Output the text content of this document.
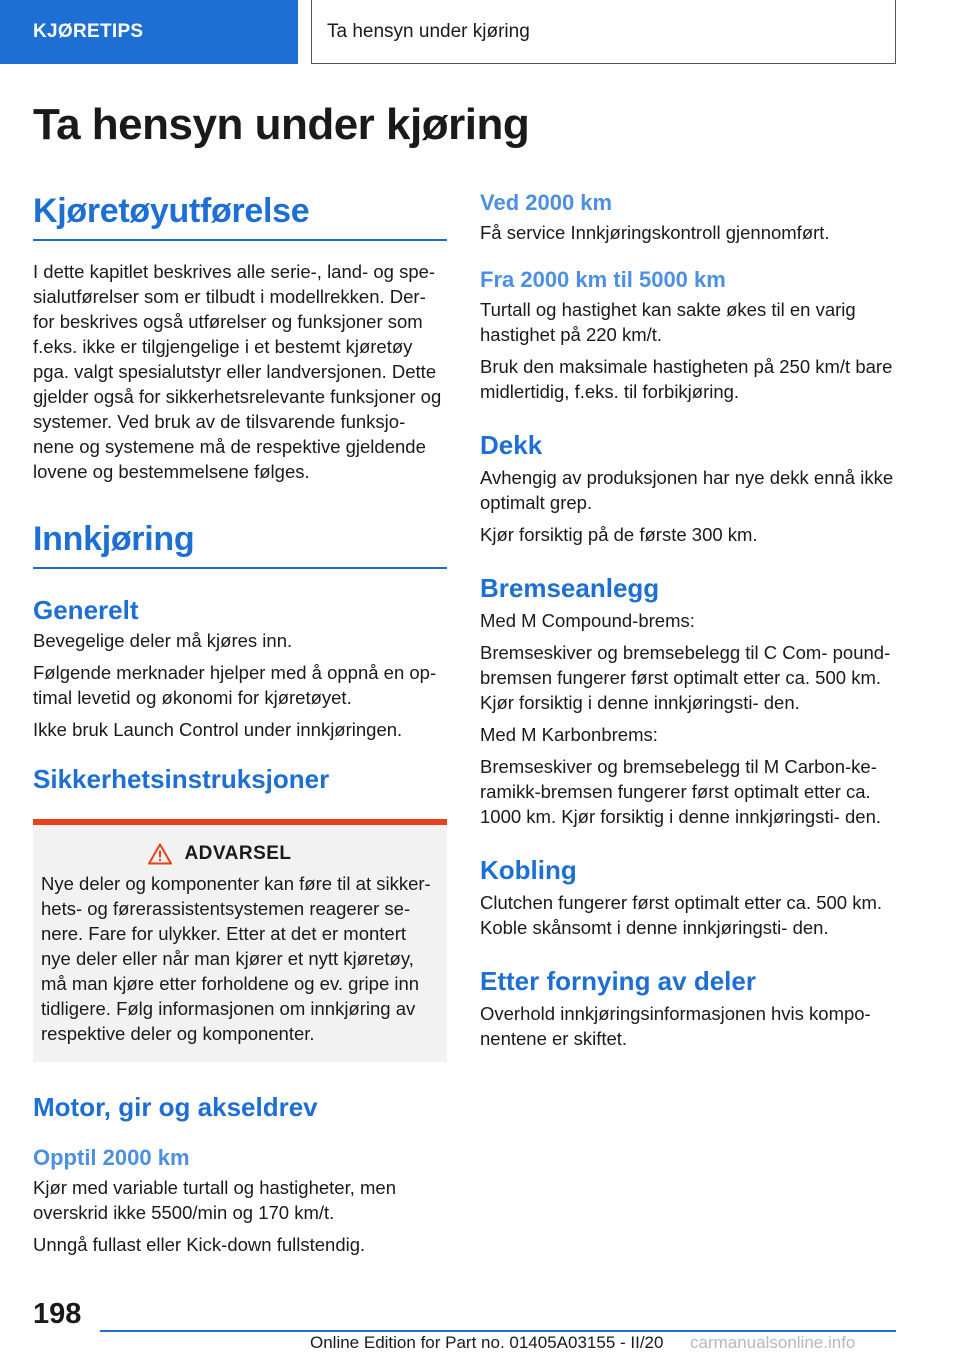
KJØRETIPS	Ta hensyn under kjøring
Ta hensyn under kjøring
Kjøretøyutførelse

I dette kapitlet beskrives alle serie-, land- og spe‐ sialutførelser som er tilbudt i modellrekken. Der‐ for beskrives også utførelser og funksjoner som f.eks. ikke er tilgjengelige i et bestemt kjøretøy pga. valgt spesialutstyr eller landversjonen. Dette gjelder også for sikkerhetsrelevante funksjoner og systemer. Ved bruk av de tilsvarende funksjo‐ nene og systemene må de respektive gjeldende lovene og bestemmelsene følges.

Innkjøring
Generelt

Bevegelige deler må kjøres inn.

Følgende merknader hjelper med å oppnå en op‐ timal levetid og økonomi for kjøretøyet.

Ikke bruk Launch Control under innkjøringen.

Sikkerhetsinstruksjoner
ADVARSEL

Nye deler og komponenter kan føre til at sikker‐ hets- og førerassistentsystemen reagerer se‐ nere. Fare for ulykker. Etter at det er montert nye deler eller når man kjører et nytt kjøretøy, må man kjøre etter forholdene og ev. gripe inn tidligere. Følg informasjonen om innkjøring av respektive deler og komponenter.

Motor, gir og akseldrev
Opptil 2000 km

Kjør med variable turtall og hastigheter, men overskrid ikke 5500/min og 170 km/t.

Unngå fullast eller Kick-down fullstendig.

Ved 2000 km

Få service Innkjøringskontroll gjennomført.

Fra 2000 km til 5000 km

Turtall og hastighet kan sakte økes til en varig hastighet på 220 km/t.

Bruk den maksimale hastigheten på 250 km/t bare midlertidig, f.eks. til forbikjøring.

Dekk

Avhengig av produksjonen har nye dekk ennå ikke optimalt grep.

Kjør forsiktig på de første 300 km.

Bremseanlegg

Med M Compound-brems:

Bremseskiver og bremsebelegg til C Com‐ pound-bremsen fungerer først optimalt etter ca. 500 km. Kjør forsiktig i denne innkjøringsti‐ den.

Med M Karbonbrems:

Bremseskiver og bremsebelegg til M Carbon-ke‐ ramikk-bremsen fungerer først optimalt etter ca. 1000 km. Kjør forsiktig i denne innkjøringsti‐ den.

Kobling

Clutchen fungerer først optimalt etter ca. 500 km. Koble skånsomt i denne innkjøringsti‐ den.

Etter fornying av deler

Overhold innkjøringsinformasjonen hvis kompo‐ nentene er skiftet.

198
Online Edition for Part no. 01405A03155 - II/20 carmanualsonline.info
